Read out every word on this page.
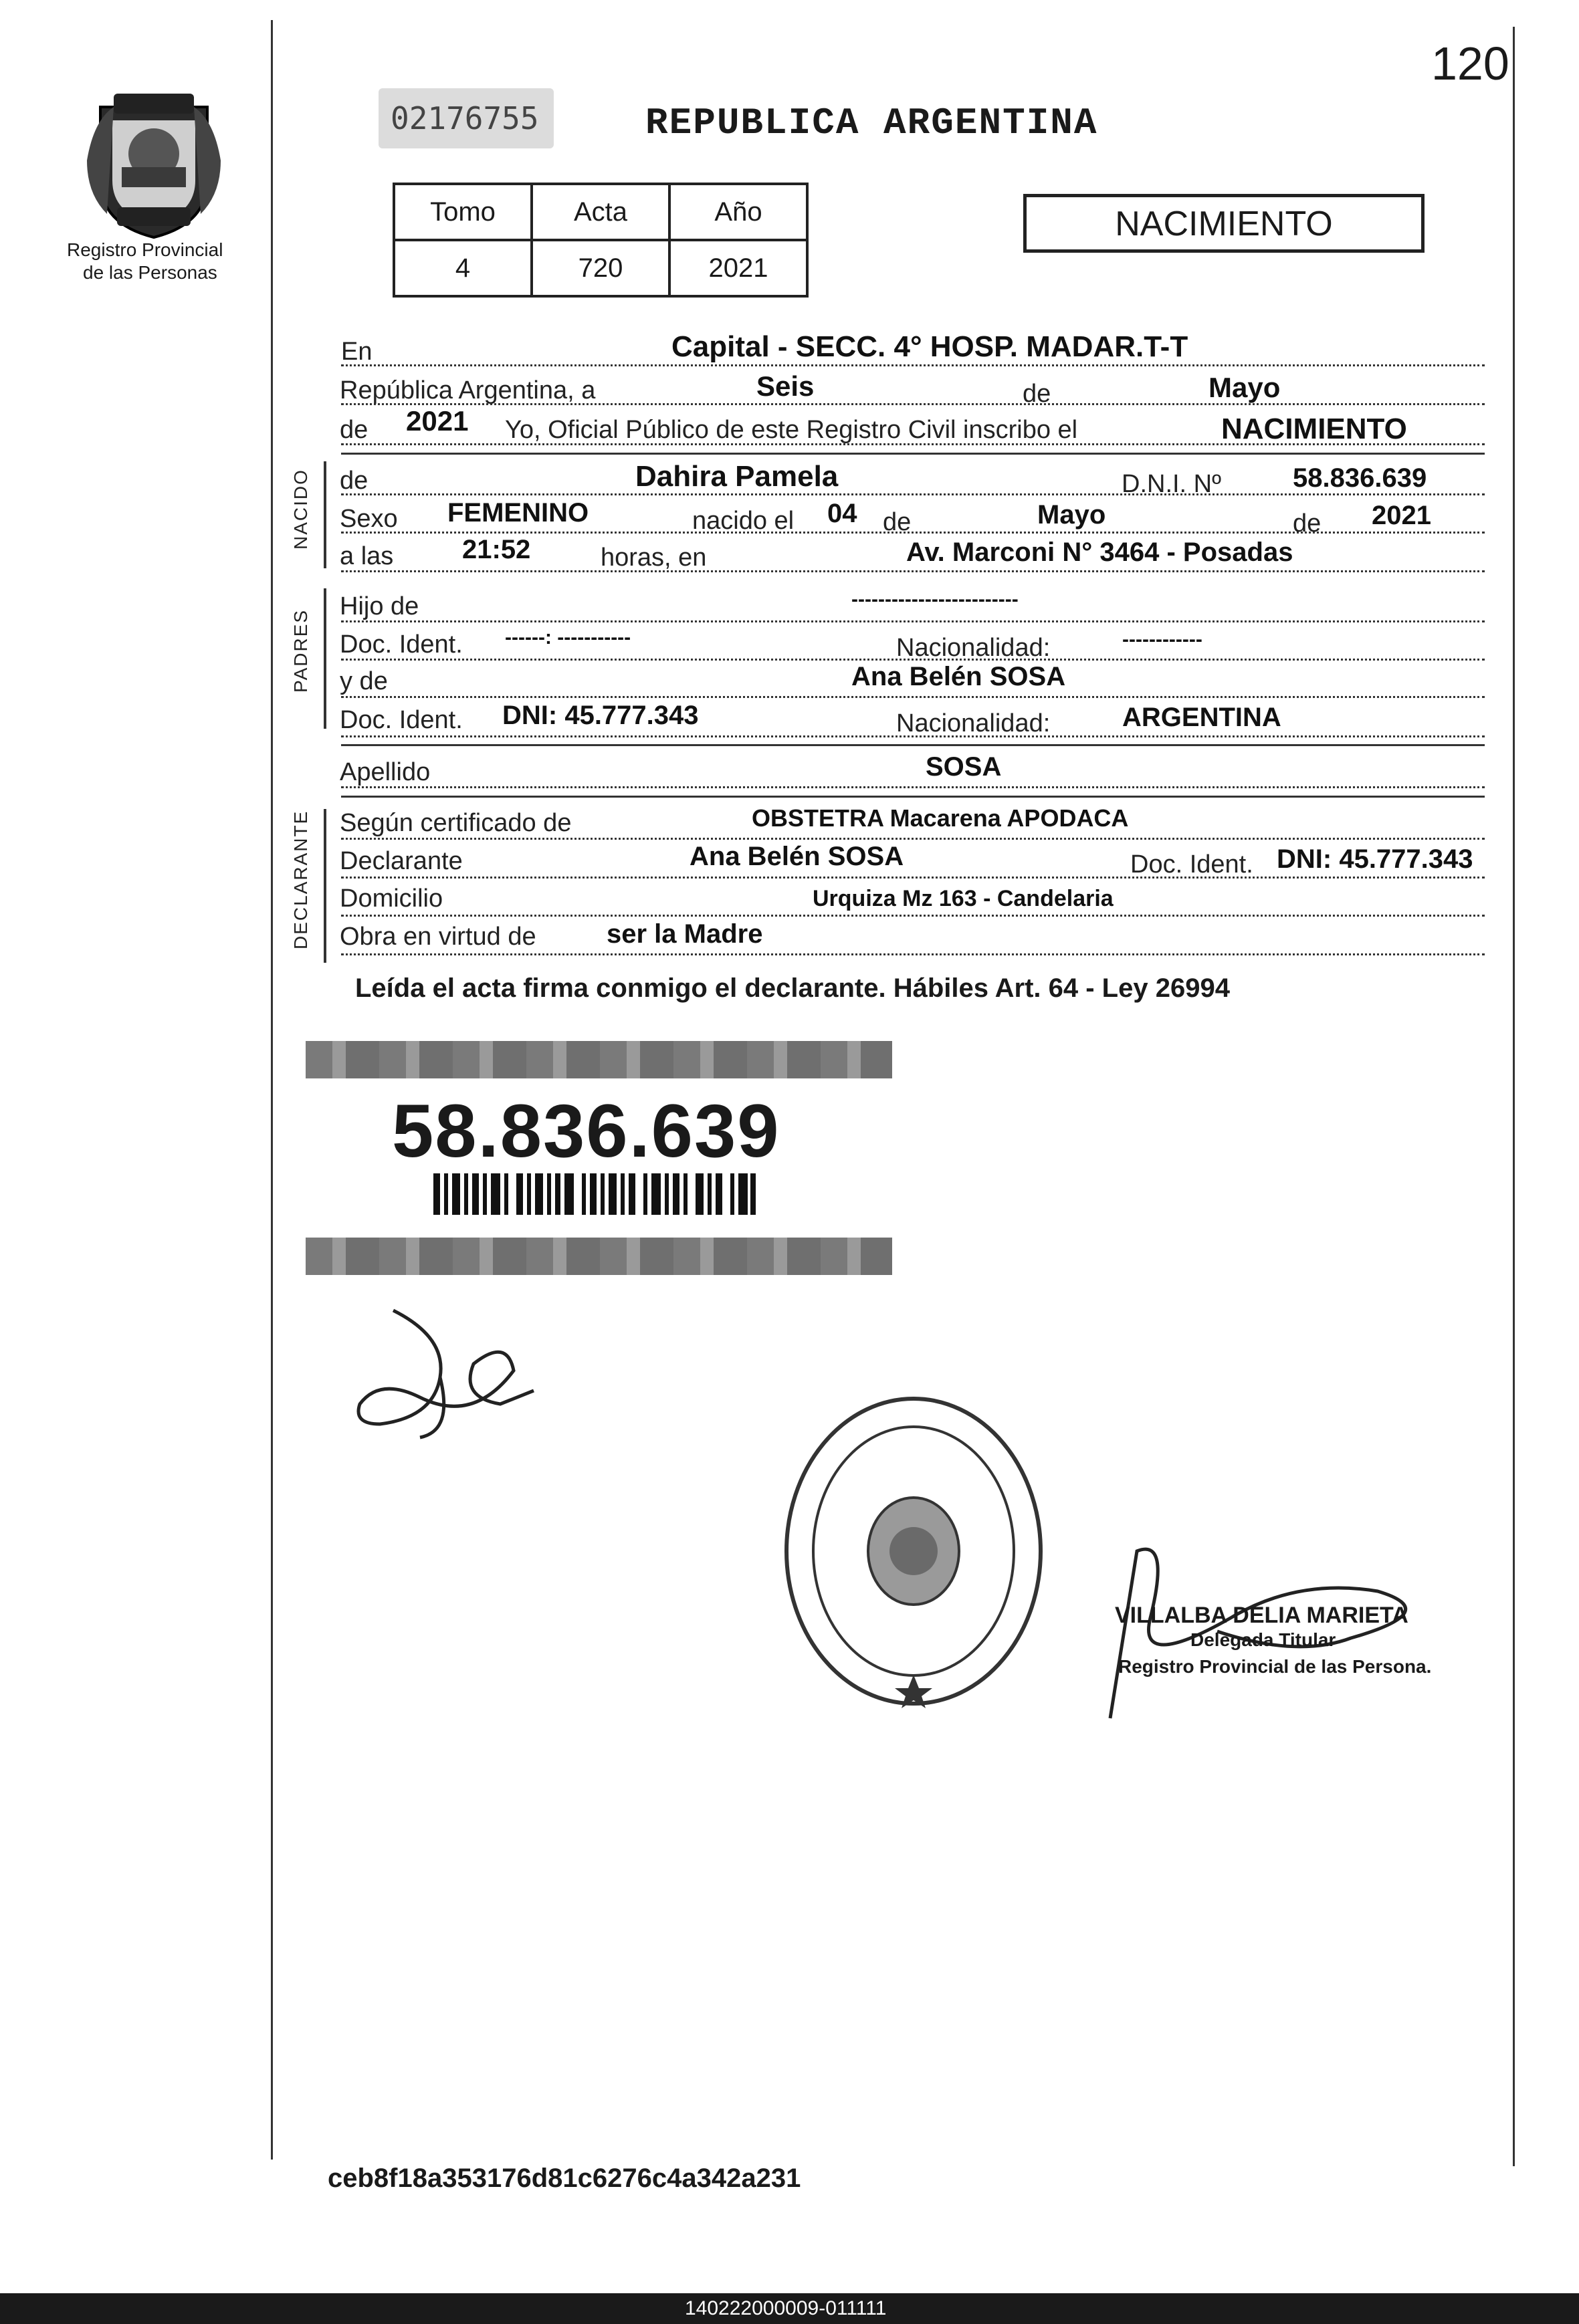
120
Registro Provincial
de las Personas
02176755	REPUBLICA ARGENTINA
Tomo	Acta	Año
4	720	2021
NACIMIENTO
En	Capital - SECC. 4° HOSP. MADAR.T-T
República Argentina, a	Seis	de	Mayo
de 2021 Yo, Oficial Público de este Registro Civil inscribo el	NACIMIENTO
NACIDO de	Dahira Pamela	D.N.I. Nº	58.836.639
Sexo FEMENINO	nacido el 04 de	Mayo	de 2021
a las	21:52	horas, en	Av. Marconi N° 3464 - Posadas
PADRES
Hijo de	-------------------------
Doc. Ident. ------: -----------	Nacionalidad:	------------
y de	Ana Belén SOSA
Doc. Ident. DNI: 45.777.343	Nacionalidad:	ARGENTINA
Apellido	SOSA
DECLARANTE Según certificado de	OBSTETRA Macarena APODACA
Declarante	Ana Belén SOSA	Doc. Ident. DNI: 45.777.343
Domicilio	Urquiza Mz 163 - Candelaria
Obra en virtud de	ser la Madre
Leída el acta firma conmigo el declarante. Hábiles Art. 64 - Ley 26994
58.836.639
VILLALBA DELIA MARIETA
Delegada Titular
Registro Provincial de las Persona.
ceb8f18a353176d81c6276c4a342a231
140222000009-011111
